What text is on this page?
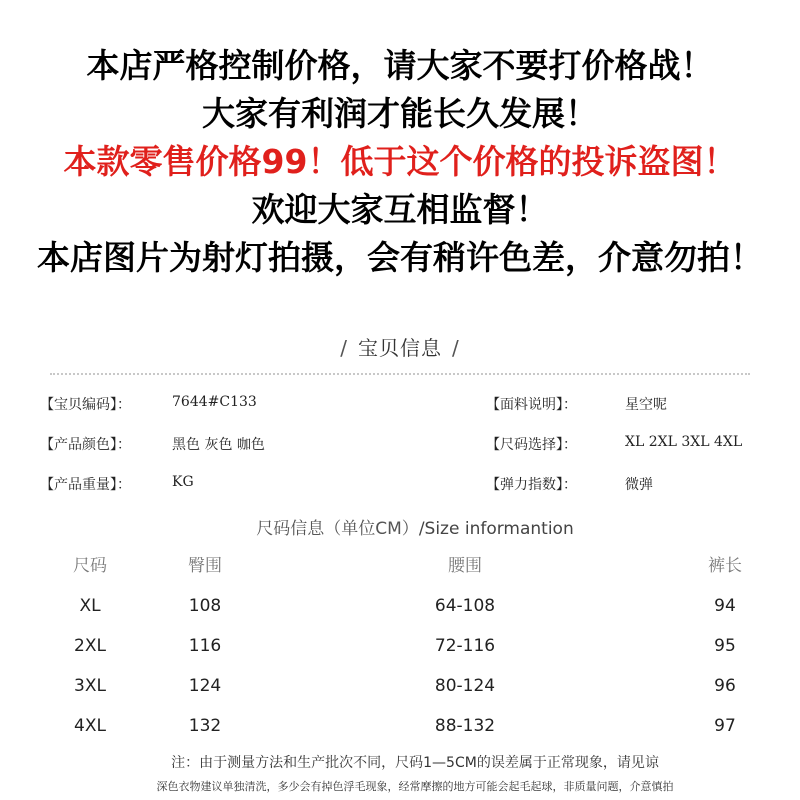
本店严格控制价格，请大家不要打价格战！
大家有利润才能长久发展！
本款零售价格99！低于这个价格的投诉盗图！
欢迎大家互相监督！
本店图片为射灯拍摄，会有稍许色差，介意勿拍！
/ 宝贝信息 /
【宝贝编码】：	7644#C133	【面料说明】：	星空呢
【产品颜色】：	黑色 灰色 咖色	【尺码选择】：	XL 2XL 3XL 4XL
【产品重量】：	KG	【弹力指数】：	微弹
尺码信息（单位CM）/Size informantion
尺码	臀围	腰围	裤长
XL	108	64-108	94
2XL	116	72-116	95
3XL	124	80-124	96
4XL	132	88-132	97
注：由于测量方法和生产批次不同，尺码1—5CM的误差属于正常现象，请见谅
深色衣物建议单独清洗，多少会有掉色浮毛现象，经常摩擦的地方可能会起毛起球，非质量问题，介意慎拍
